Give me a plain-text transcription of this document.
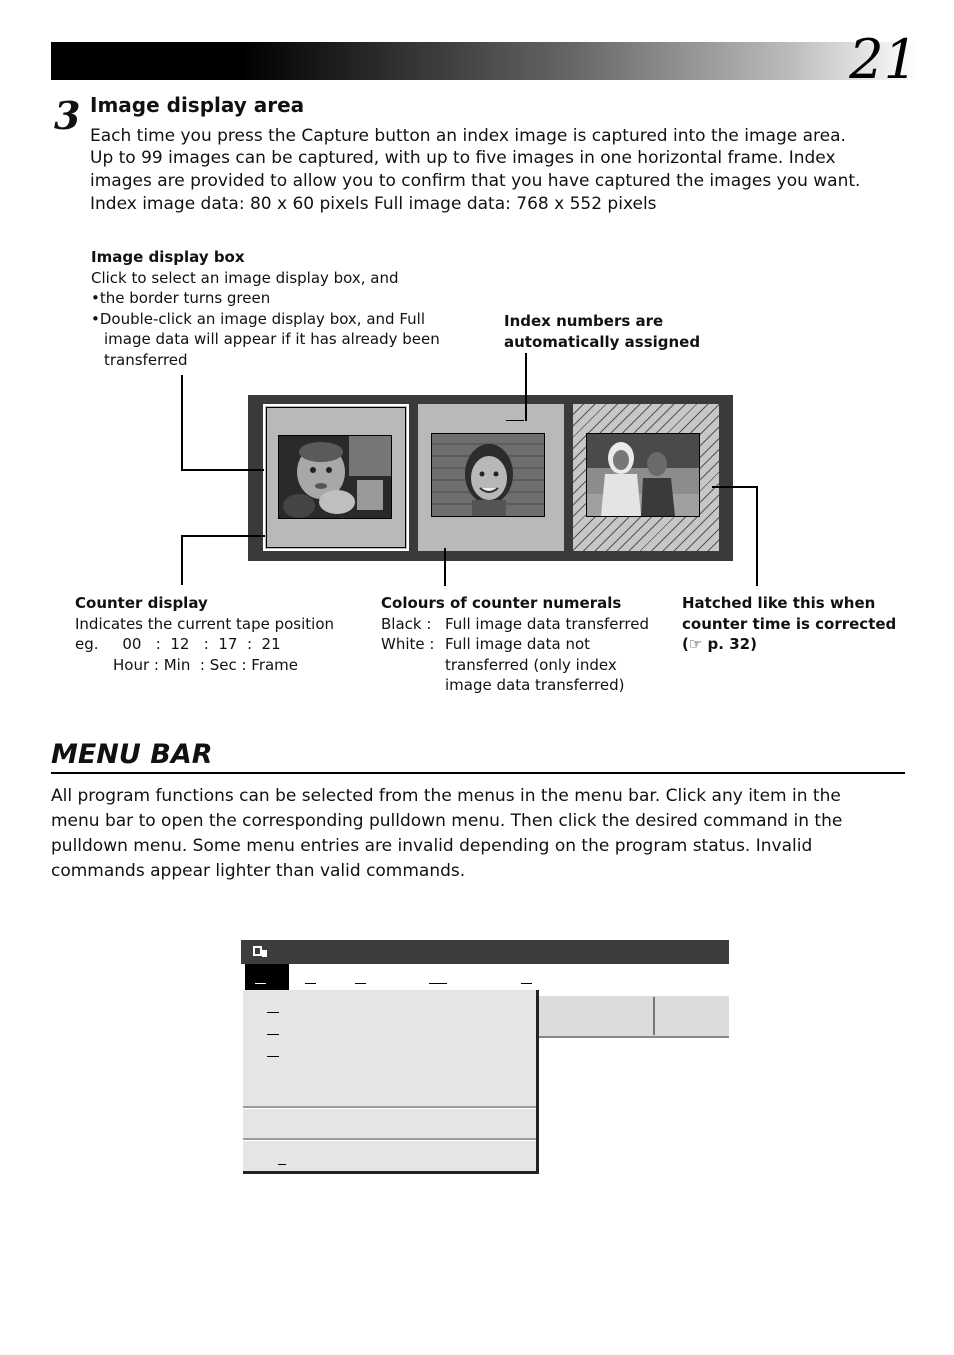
21
3 Image display area
Each time you press the Capture button an index image is captured into the image area.
Up to 99 images can be captured, with up to five images in one horizontal frame. Index
images are provided to allow you to confirm that you have captured the images you want.
Index image data: 80 x 60 pixels Full image data: 768 x 552 pixels
Image display box
Click to select an image display box, and
•the border turns green
•Double-click an image display box, and Full
image data will appear if it has already been
transferred
Index numbers are
automatically assigned
Counter display
Indicates the current tape position
eg.     00   :  12   :  17  :  21
Hour : Min  : Sec : Frame
Colours of counter numerals
Black : Full image data transferred
White : Full image data not
transferred (only index
image data transferred)
Hatched like this when
counter time is corrected
(☞ p. 32)
MENU BAR
All program functions can be selected from the menus in the menu bar. Click any item in the
menu bar to open the corresponding pulldown menu. Then click the desired command in the
pulldown menu. Some menu entries are invalid depending on the program status. Invalid
commands appear lighter than valid commands.
